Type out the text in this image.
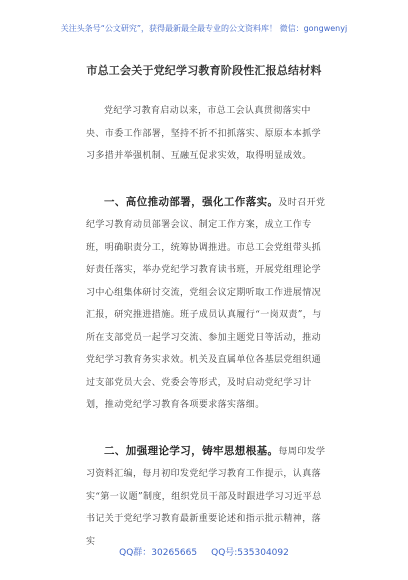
关注头条号“公文研究”，获得最新最全最专业的公文资料库！ 微信：gongwenyj
市总工会关于党纪学习教育阶段性汇报总结材料

党纪学习教育启动以来，市总工会认真贯彻落实中央、市委工作部署，坚持不折不扣抓落实、原原本本抓学习多措并举强机制、互融互促求实效，取得明显成效。

一、高位推动部署，强化工作落实。及时召开党纪学习教育动员部署会议、制定工作方案，成立工作专班，明确职责分工，统筹协调推进。市总工会党组带头抓好责任落实，举办党纪学习教育读书班，开展党组理论学习中心组集体研讨交流，党组会议定期听取工作进展情况汇报，研究推进措施。班子成员认真履行“一岗双责”，与所在支部党员一起学习交流、参加主题党日等活动，推动党纪学习教育务实求效。机关及直属单位各基层党组织通过支部党员大会、党委会等形式，及时启动党纪学习计划，推动党纪学习教育各项要求落实落细。

二、加强理论学习，铸牢思想根基。每周印发学习资料汇编，每月初印发党纪学习教育工作提示，认真落实“第一议题”制度，组织党员干部及时跟进学习习近平总书记关于党纪学习教育最新重要论述和指示批示精神，落实

QQ群：30265665 QQ号:535304092
